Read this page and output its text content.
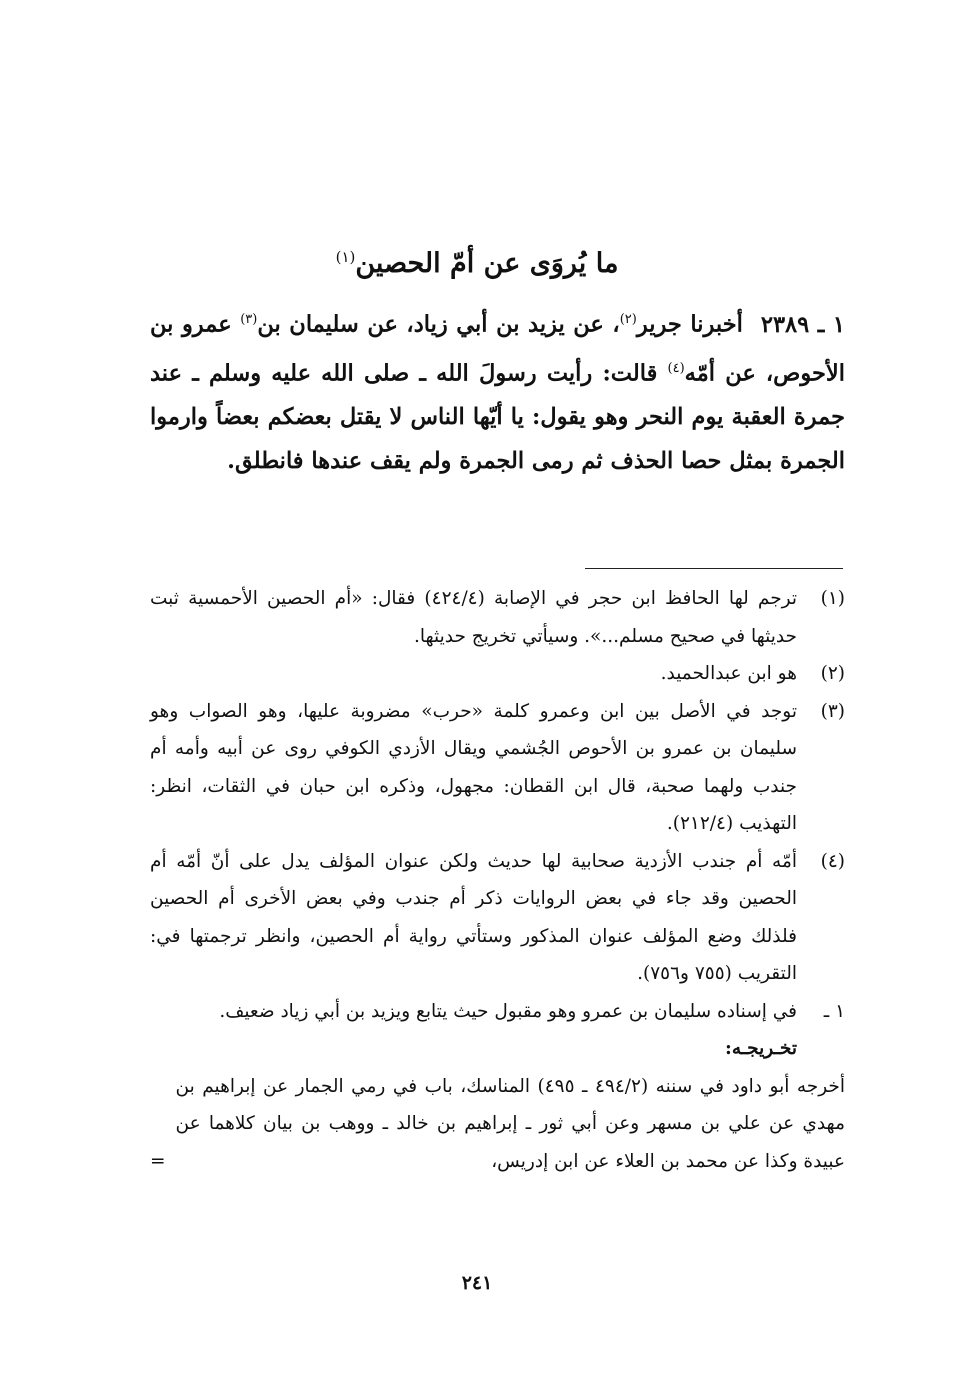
ما يُروَى عن أمّ الحصين$^{(١)}$
١ ـ ٢٣٨٩أخبرنا جرير$^{(٢)}$، عن يزيد بن أبي زياد، عن سليمان بن$^{(٣)}$ عمرو بن الأحوص، عن أمّه$^{(٤)}$ قالت: رأيت رسولَ الله ـ صلى الله عليه وسلم ـ عند جمرة العقبة يوم النحر وهو يقول: يا أيّها الناس لا يقتل بعضكم بعضاً وارموا الجمرة بمثل حصا الحذف ثم رمى الجمرة ولم يقف عندها فانطلق.
(١)
ترجم لها الحافظ ابن حجر في الإصابة (٤٢٤/٤) فقال: «أم الحصين الأحمسية ثبت حديثها في صحيح مسلم...». وسيأتي تخريج حديثها.
(٢)
هو ابن عبدالحميد.
(٣)
توجد في الأصل بين ابن وعمرو كلمة «حرب» مضروبة عليها، وهو الصواب وهو سليمان بن عمرو بن الأحوص الجُشمي ويقال الأزدي الكوفي روى عن أبيه وأمه أم جندب ولهما صحبة، قال ابن القطان: مجهول، وذكره ابن حبان في الثقات، انظر: التهذيب (٢١٢/٤).
(٤)
أمّه أم جندب الأزدية صحابية لها حديث ولكن عنوان المؤلف يدل على أنّ أمّه أم الحصين وقد جاء في بعض الروايات ذكر أم جندب وفي بعض الأخرى أم الحصين فلذلك وضع المؤلف عنوان المذكور وستأتي رواية أم الحصين، وانظر ترجمتها في: التقريب (٧٥٥ و٧٥٦).
١ ـ
في إسناده سليمان بن عمرو وهو مقبول حيث يتابع ويزيد بن أبي زياد ضعيف.
تخـريجـه:
أخرجه أبو داود في سننه (٤٩٤/٢ ـ ٤٩٥) المناسك، باب في رمي الجمار عن إبراهيم بن مهدي عن علي بن مسهر وعن أبي ثور ـ إبراهيم بن خالد ـ ووهب بن بيان كلاهما عن عبيدة وكذا عن محمد بن العلاء عن ابن إدريس،
=
٢٤١
